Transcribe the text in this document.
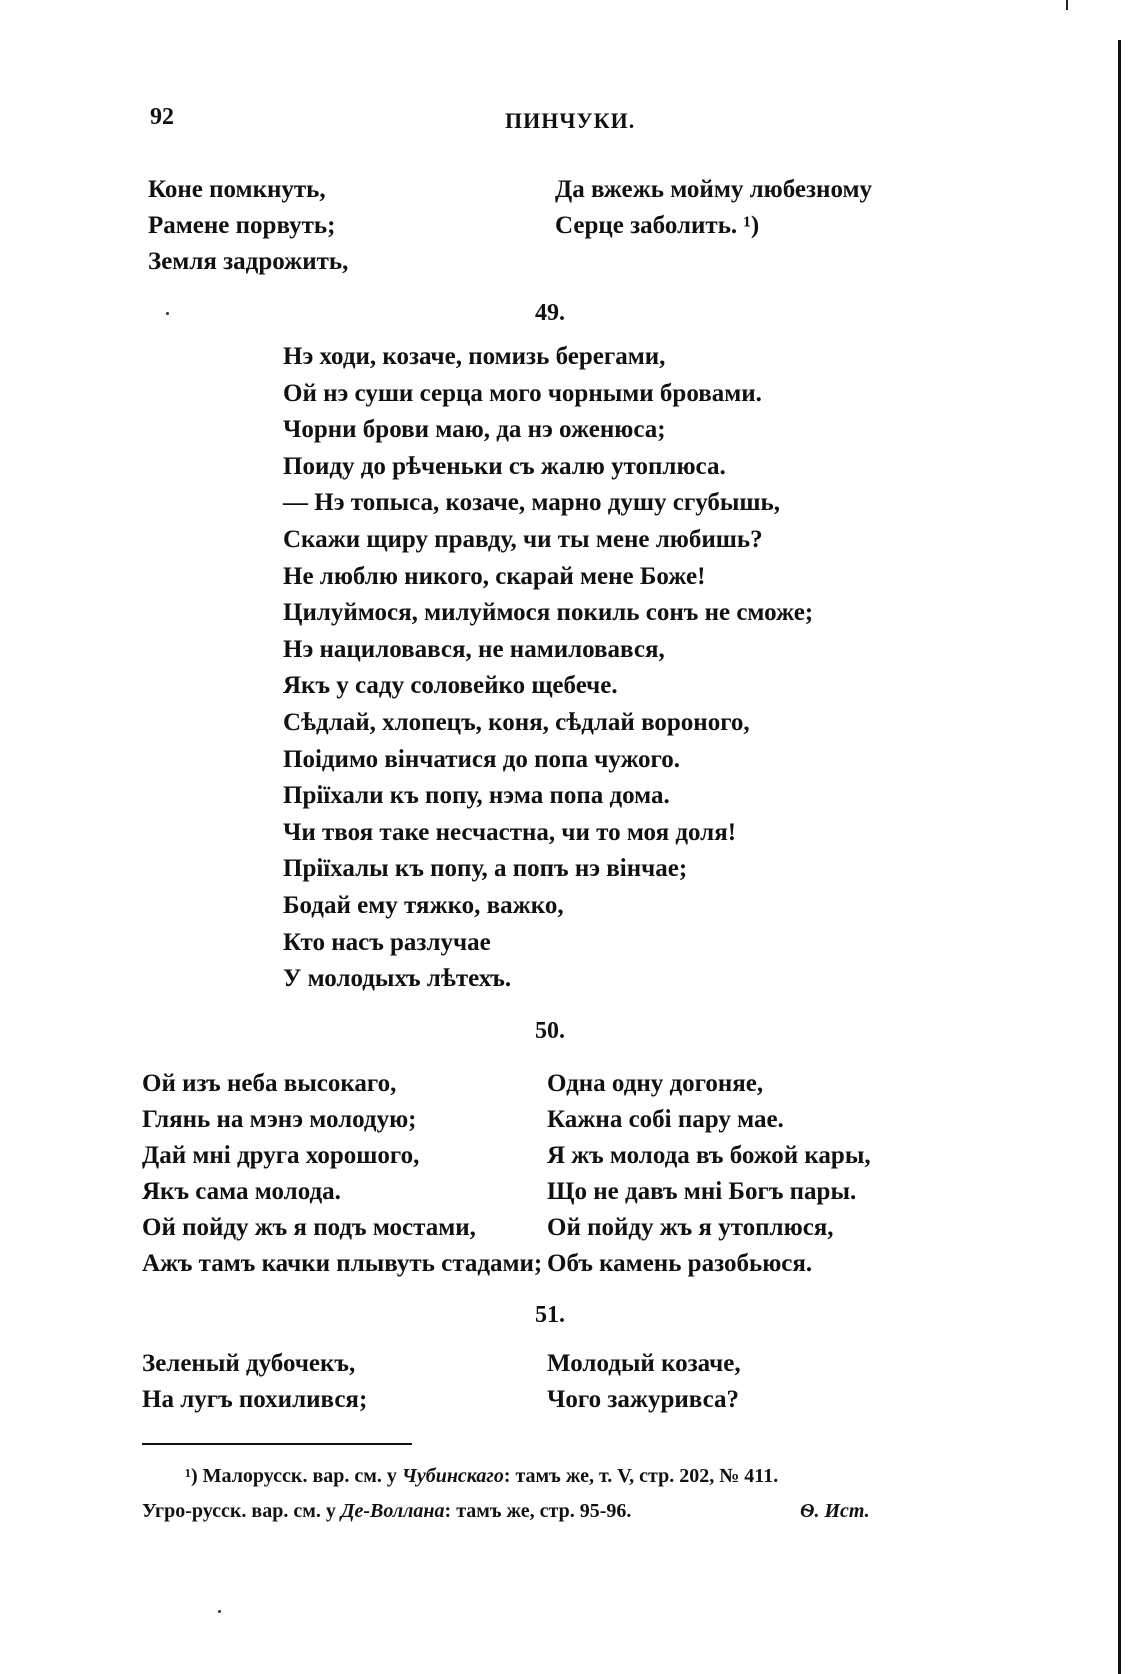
92	ПИНЧУКИ.
Коне помкнуть,
Рамене порвуть;
Земля задрожить,
Да вжежь мойму любезному
Серце заболить. ¹)
49.
Нэ ходи, козаче, помизь берегами,
Ой нэ суши серца мого чорными бровами.
Чорни брови маю, да нэ оженюса;
Поиду до рѣченьки съ жалю утоплюса.
— Нэ топыса, козаче, марно душу сгубышь,
Скажи щиру правду, чи ты мене любишь?
Не люблю никого, скарай мене Боже!
Цилуймося, милуймося покиль сонъ не сможе;
Нэ нациловався, не намиловався,
Якъ у саду соловейко щебече.
Сѣдлай, хлопецъ, коня, сѣдлай вороного,
Поідимо вінчатися до попа чужого.
Пріїхали къ попу, нэма попа дома.
Чи твоя таке несчастна, чи то моя доля!
Пріїхалы къ попу, а попъ нэ вінчае;
Бодай ему тяжко, важко,
Кто насъ разлучае
У молодыхъ лѣтехъ.
50.
Ой изъ неба высокаго,
Глянь на мэнэ молодую;
Дай мні друга хорошого,
Якъ сама молода.
Ой пойду жъ я подъ мостами,
Ажъ тамъ качки плывуть стадами;
Одна одну догоняе,
Кажна собі пару мае.
Я жъ молода въ божой кары,
Що не давъ мні Богъ пары.
Ой пойду жъ я утоплюся,
Объ камень разобьюся.
51.
Зеленый дубочекъ,
На лугъ похилився;
Молодый козаче,
Чого зажуривса?
¹) Малорусск. вар. см. у Чубинскаго: тамъ же, т. V, стр. 202, № 411.
Угро-русск. вар. см. у Де-Воллана: тамъ же, стр. 95-96.	Ѳ. Ист.
